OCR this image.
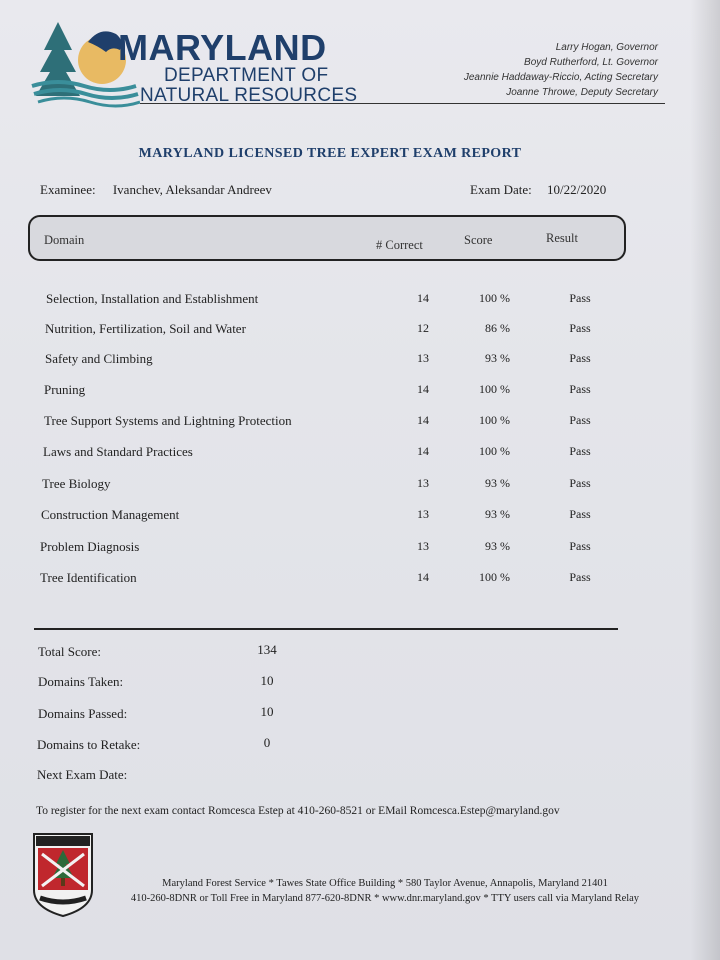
MARYLAND
DEPARTMENT OF
NATURAL RESOURCES
Larry Hogan, Governor
Boyd Rutherford, Lt. Governor
Jeannie Haddaway-Riccio, Acting Secretary
Joanne Throwe, Deputy Secretary
MARYLAND LICENSED TREE EXPERT EXAM REPORT
Examinee: Ivanchev, Aleksandar Andreev	Exam Date: 10/22/2020
Domain	# Correct	Score	Result
Selection, Installation and Establishment	14	100 %	Pass
Nutrition, Fertilization, Soil and Water	12	86 %	Pass
Safety and Climbing	13	93 %	Pass
Pruning	14	100 %	Pass
Tree Support Systems and Lightning Protection	14	100 %	Pass
Laws and Standard Practices	14	100 %	Pass
Tree Biology	13	93 %	Pass
Construction Management	13	93 %	Pass
Problem Diagnosis	13	93 %	Pass
Tree Identification	14	100 %	Pass
Total Score:	134
Domains Taken:	10
Domains Passed:	10
Domains to Retake:	0
Next Exam Date:
To register for the next exam contact Romcesca Estep at 410-260-8521 or EMail Romcesca.Estep@maryland.gov
Maryland Forest Service * Tawes State Office Building * 580 Taylor Avenue, Annapolis, Maryland 21401
410-260-8DNR or Toll Free in Maryland 877-620-8DNR * www.dnr.maryland.gov * TTY users call via Maryland Relay
